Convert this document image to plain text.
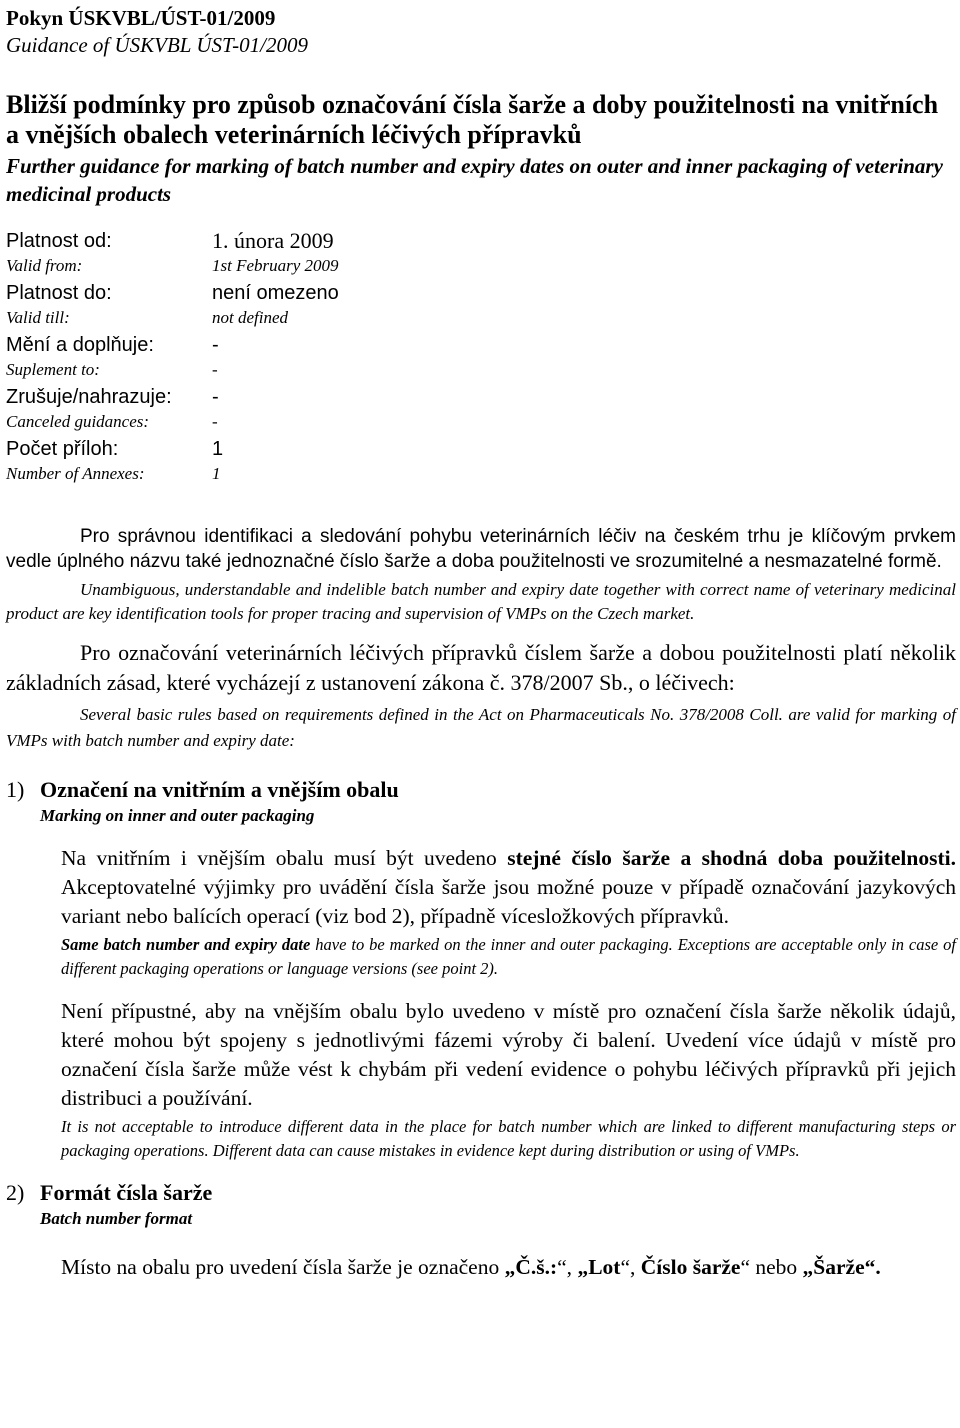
Pokyn ÚSKVBL/ÚST-01/2009
Guidance of ÚSKVBL ÚST-01/2009
Bližší podmínky pro způsob označování čísla šarže a doby použitelnosti na vnitřních a vnějších obalech veterinárních léčivých přípravků
Further guidance for marking of batch number and expiry dates on outer and inner packaging of veterinary medicinal products
Platnost od:	1. února 2009
Valid from:	1st February 2009
Platnost do:	není omezeno
Valid till:	not defined
Mění a doplňuje:	-
Suplement to:	-
Zrušuje/nahrazuje:	-
Canceled guidances:	-
Počet příloh:	1
Number of Annexes:	1
Pro správnou identifikaci a sledování pohybu veterinárních léčiv na českém trhu je klíčovým prvkem vedle úplného názvu také jednoznačné číslo šarže a doba použitelnosti ve srozumitelné a nesmazatelné formě.
Unambiguous, understandable and indelible batch number and expiry date together with correct name of veterinary medicinal product are key identification tools for proper tracing and supervision of VMPs on the Czech market.
Pro označování veterinárních léčivých přípravků číslem šarže a dobou použitelnosti platí několik základních zásad, které vycházejí z ustanovení zákona č. 378/2007 Sb., o léčivech:
Several basic rules based on requirements defined in the Act on Pharmaceuticals No. 378/2008 Coll. are valid for marking of VMPs with batch number and expiry date:
1) Označení na vnitřním a vnějším obalu
Marking on inner and outer packaging
Na vnitřním i vnějším obalu musí být uvedeno stejné číslo šarže a shodná doba použitelnosti. Akceptovatelné výjimky pro uvádění čísla šarže jsou možné pouze v případě označování jazykových variant nebo balících operací (viz bod 2), případně vícesložkových přípravků.
Same batch number and expiry date have to be marked on the inner and outer packaging. Exceptions are acceptable only in case of different packaging operations or language versions (see point 2).
Není přípustné, aby na vnějším obalu bylo uvedeno v místě pro označení čísla šarže několik údajů, které mohou být spojeny s jednotlivými fázemi výroby či balení. Uvedení více údajů v místě pro označení čísla šarže může vést k chybám při vedení evidence o pohybu léčivých přípravků při jejich distribuci a používání.
It is not acceptable to introduce different data in the place for batch number which are linked to different manufacturing steps or packaging operations. Different data can cause mistakes in evidence kept during distribution or using of VMPs.
2) Formát čísla šarže
Batch number format
Místo na obalu pro uvedení čísla šarže je označeno „Č.š.:“, „Lot“, Číslo šarže“ nebo „Šarže“.
